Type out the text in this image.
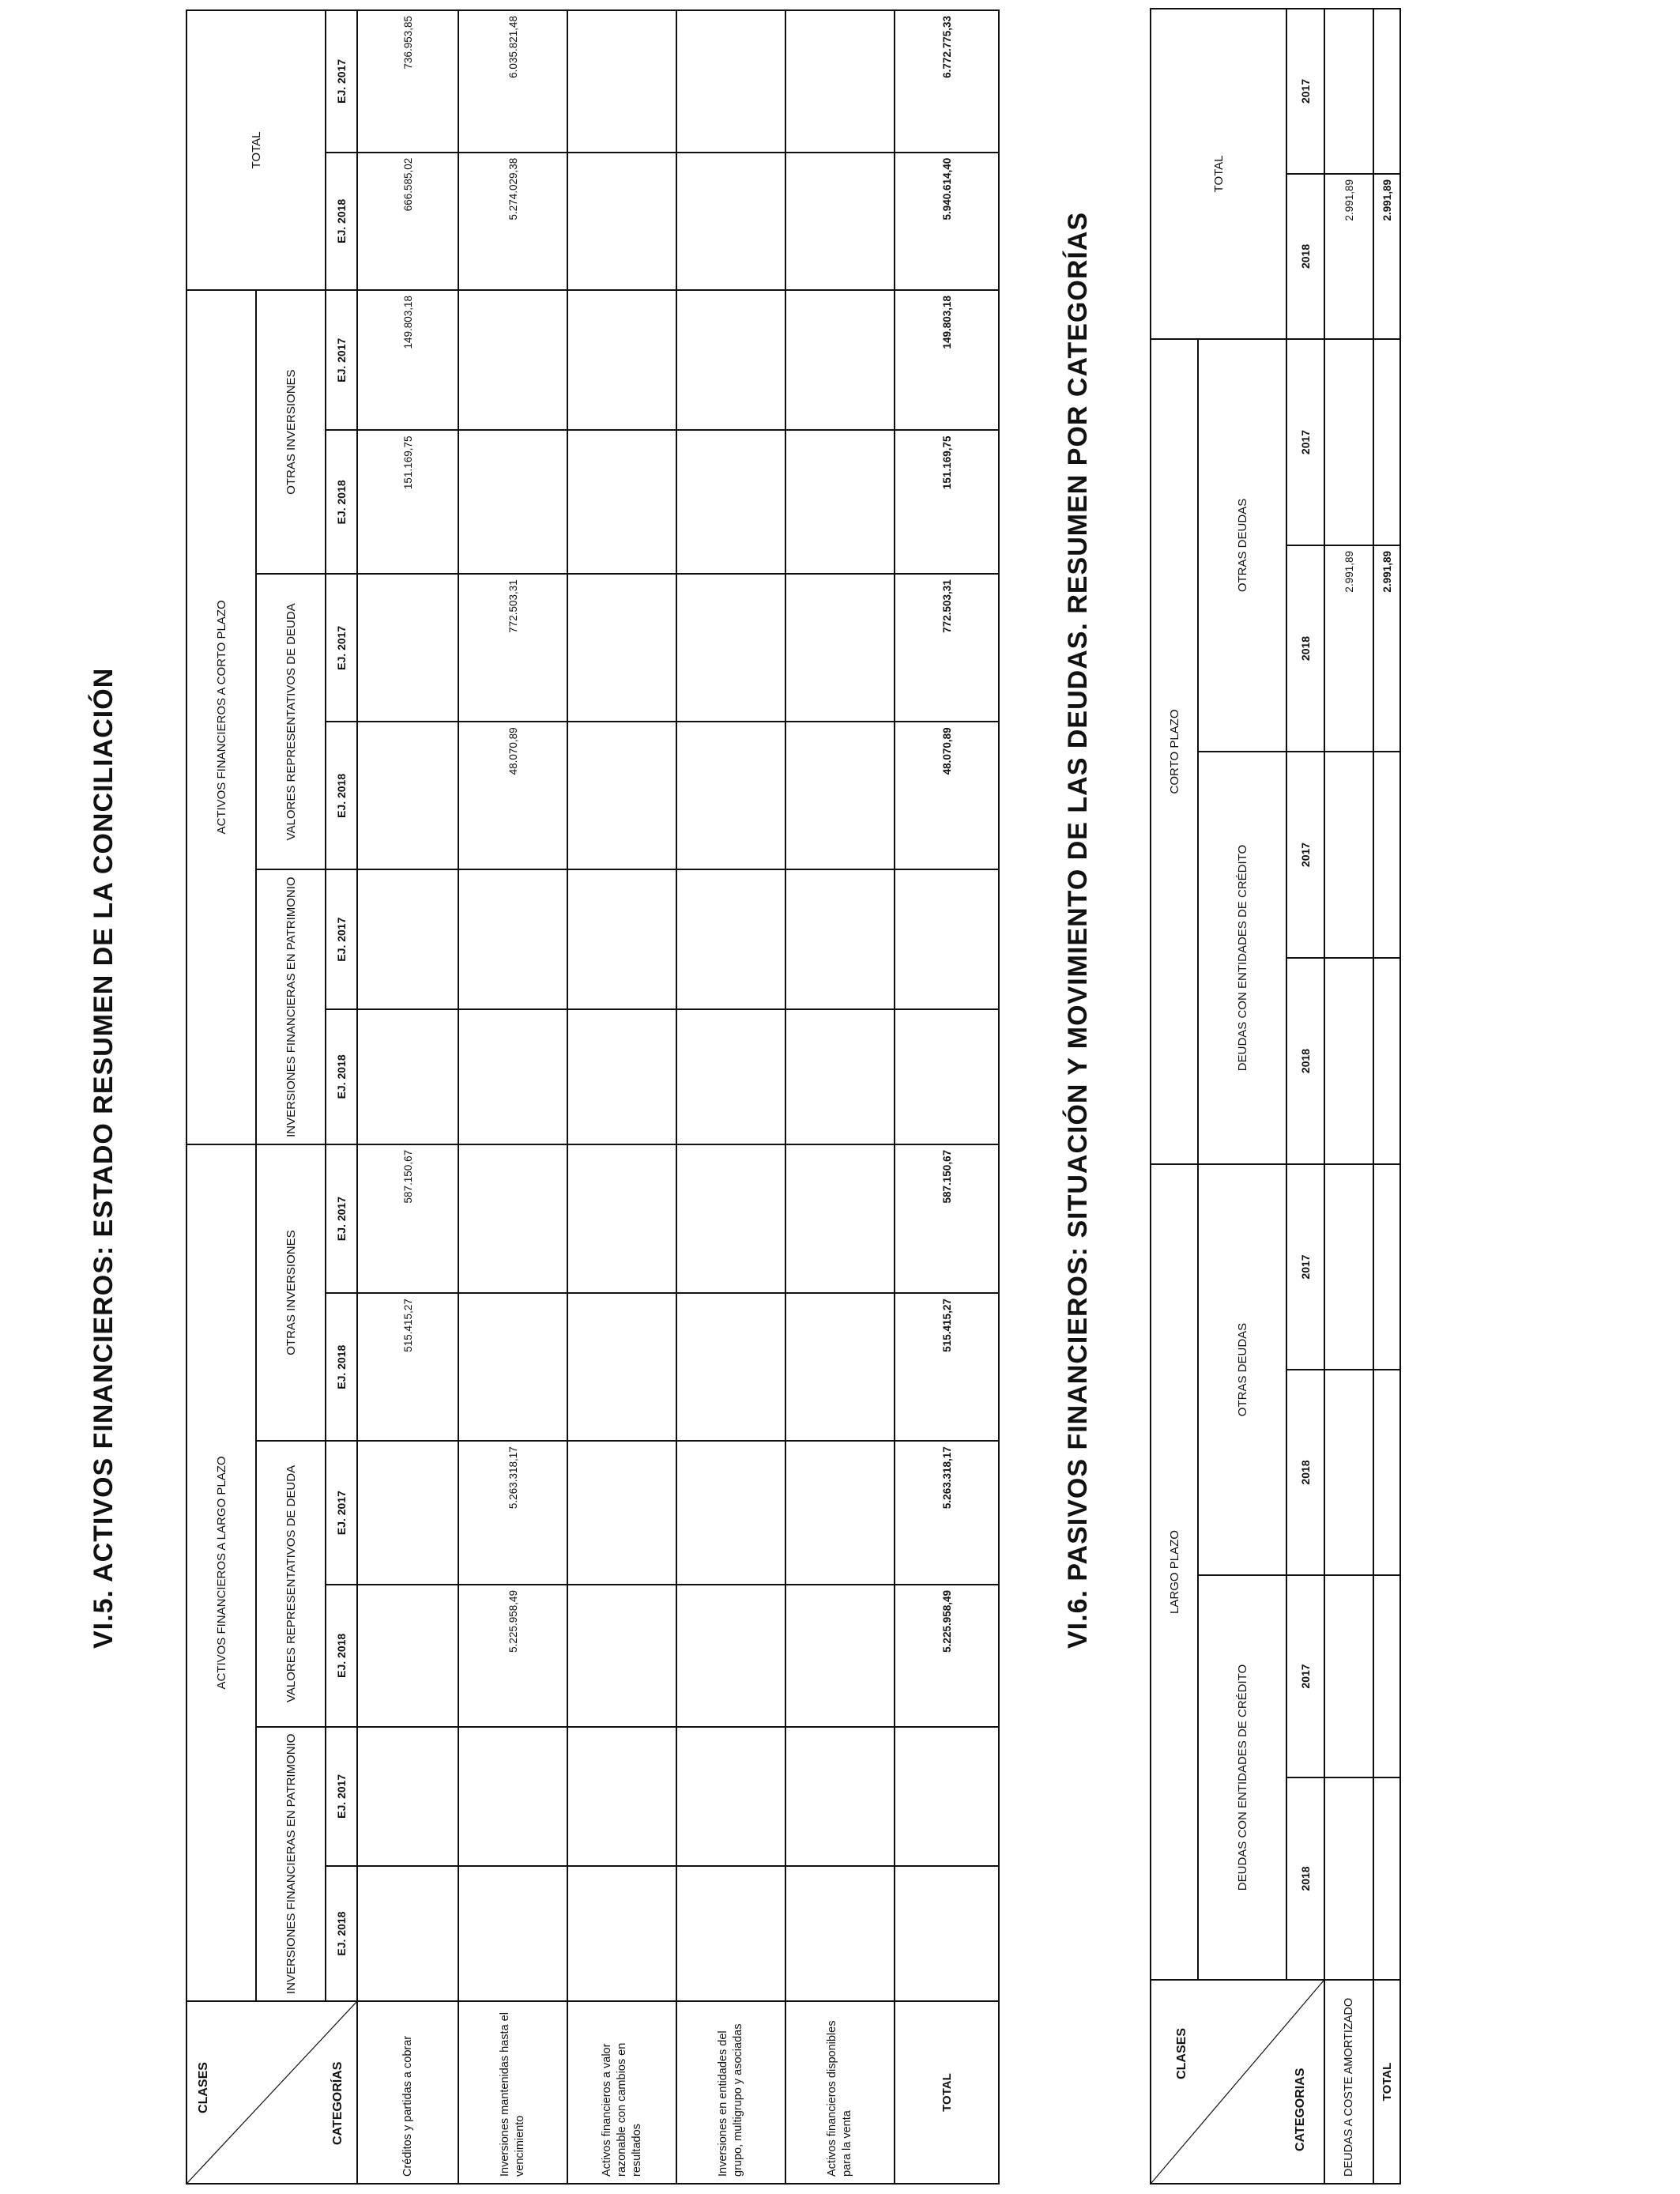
VI.5. ACTIVOS FINANCIEROS: ESTADO RESUMEN DE LA CONCILIACIÓN
CLASES CATEGORÍAS	ACTIVOS FINANCIEROS A LARGO PLAZO						ACTIVOS FINANCIEROS A CORTO PLAZO						TOTAL	
	INVERSIONES FINANCIERAS EN PATRIMONIO		VALORES REPRESENTATIVOS DE DEUDA		OTRAS INVERSIONES		INVERSIONES FINANCIERAS EN PATRIMONIO		VALORES REPRESENTATIVOS DE DEUDA		OTRAS INVERSIONES			
	EJ. 2018	EJ. 2017	EJ. 2018	EJ. 2017	EJ. 2018	EJ. 2017	EJ. 2018	EJ. 2017	EJ. 2018	EJ. 2017	EJ. 2018	EJ. 2017	EJ. 2018	EJ. 2017
Créditos y partidas a cobrar					515.415,27	587.150,67					151.169,75	149.803,18	666.585,02	736.953,85
Inversiones mantenidas hasta el vencimiento			5.225.958,49	5.263.318,17					48.070,89	772.503,31			5.274.029,38	6.035.821,48
Activos financieros a valor razonable con cambios en resultados														
Inversiones en entidades del grupo, multigrupo y asociadas														
Activos financieros disponibles para la venta														
TOTAL			5.225.958,49	5.263.318,17	515.415,27	587.150,67			48.070,89	772.503,31	151.169,75	149.803,18	5.940.614,40	6.772.775,33
VI.6. PASIVOS FINANCIEROS: SITUACIÓN Y MOVIMIENTO DE LAS DEUDAS. RESUMEN POR CATEGORÍAS
CLASES
CATEGORIAS	LARGO PLAZO				CORTO PLAZO				TOTAL	
	DEUDAS CON ENTIDADES DE CRÉDITO		OTRAS DEUDAS		DEUDAS CON ENTIDADES DE CRÉDITO		OTRAS DEUDAS			
	2018	2017	2018	2017	2018	2017	2018	2017	2018	2017
DEUDAS A COSTE AMORTIZADO							2.991,89		2.991,89	
TOTAL							2.991,89		2.991,89	
